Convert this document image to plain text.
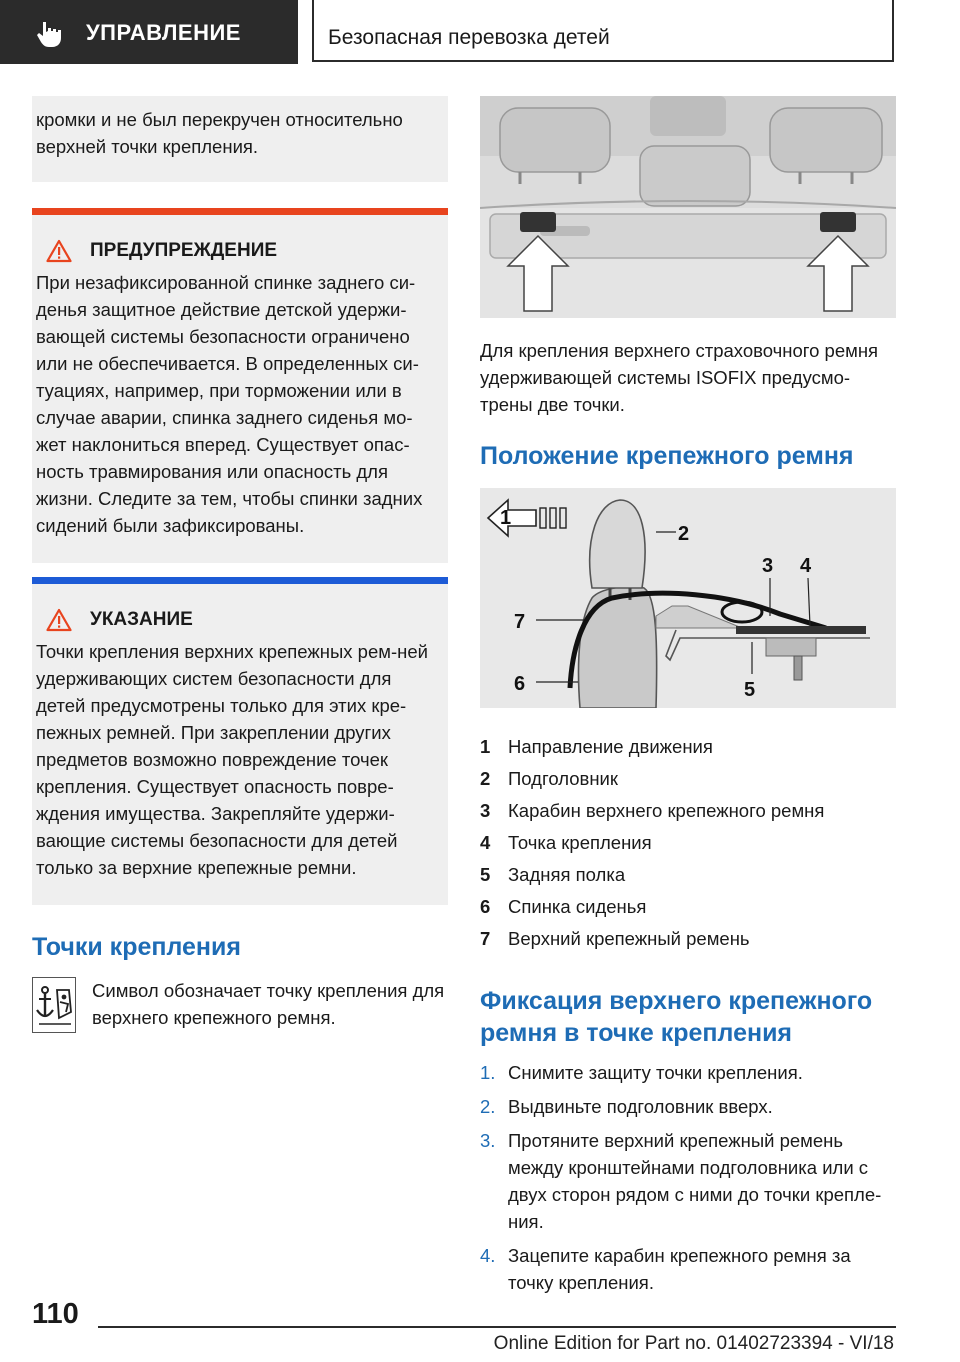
УПРАВЛЕНИЕ	Безопасная перевозка детей
кромки и не был перекручен относительно верхней точки крепления.
ПРЕДУПРЕЖДЕНИЕ
При незафиксированной спинке заднего си‐денья защитное действие детской удержи‐вающей системы безопасности ограничено или не обеспечивается. В определенных си‐туациях, например, при торможении или в случае аварии, спинка заднего сиденья мо‐жет наклониться вперед. Существует опас‐ность травмирования или опасность для жизни. Следите за тем, чтобы спинки задних сидений были зафиксированы.
УКАЗАНИЕ
Точки крепления верхних крепежных рем‐ней удерживающих систем безопасности для детей предусмотрены только для этих кре‐пежных ремней. При закреплении других предметов возможно повреждение точек крепления. Существует опасность повре‐ждения имущества. Закрепляйте удержи‐вающие системы безопасности для детей только за верхние крепежные ремни.
Точки крепления
Символ обозначает точку крепления для верхнего крепежного ремня.
Для крепления верхнего страховочного ремня удерживающей системы ISOFIX предусмо‐трены две точки.
Положение крепежного ремня
1
2
3 4
5
6
7
1 Направление движения
2 Подголовник
3 Карабин верхнего крепежного ремня
4 Точка крепления
5 Задняя полка
6 Спинка сиденья
7 Верхний крепежный ремень
Фиксация верхнего крепежного ремня в точке крепления
1. Снимите защиту точки крепления.
2. Выдвиньте подголовник вверх.
3. Протяните верхний крепежный ремень между кронштейнами подголовника или с двух сторон рядом с ними до точки крепле‐ния.
4. Зацепите карабин крепежного ремня за точку крепления.
110
Online Edition for Part no. 01402723394 - VI/18
